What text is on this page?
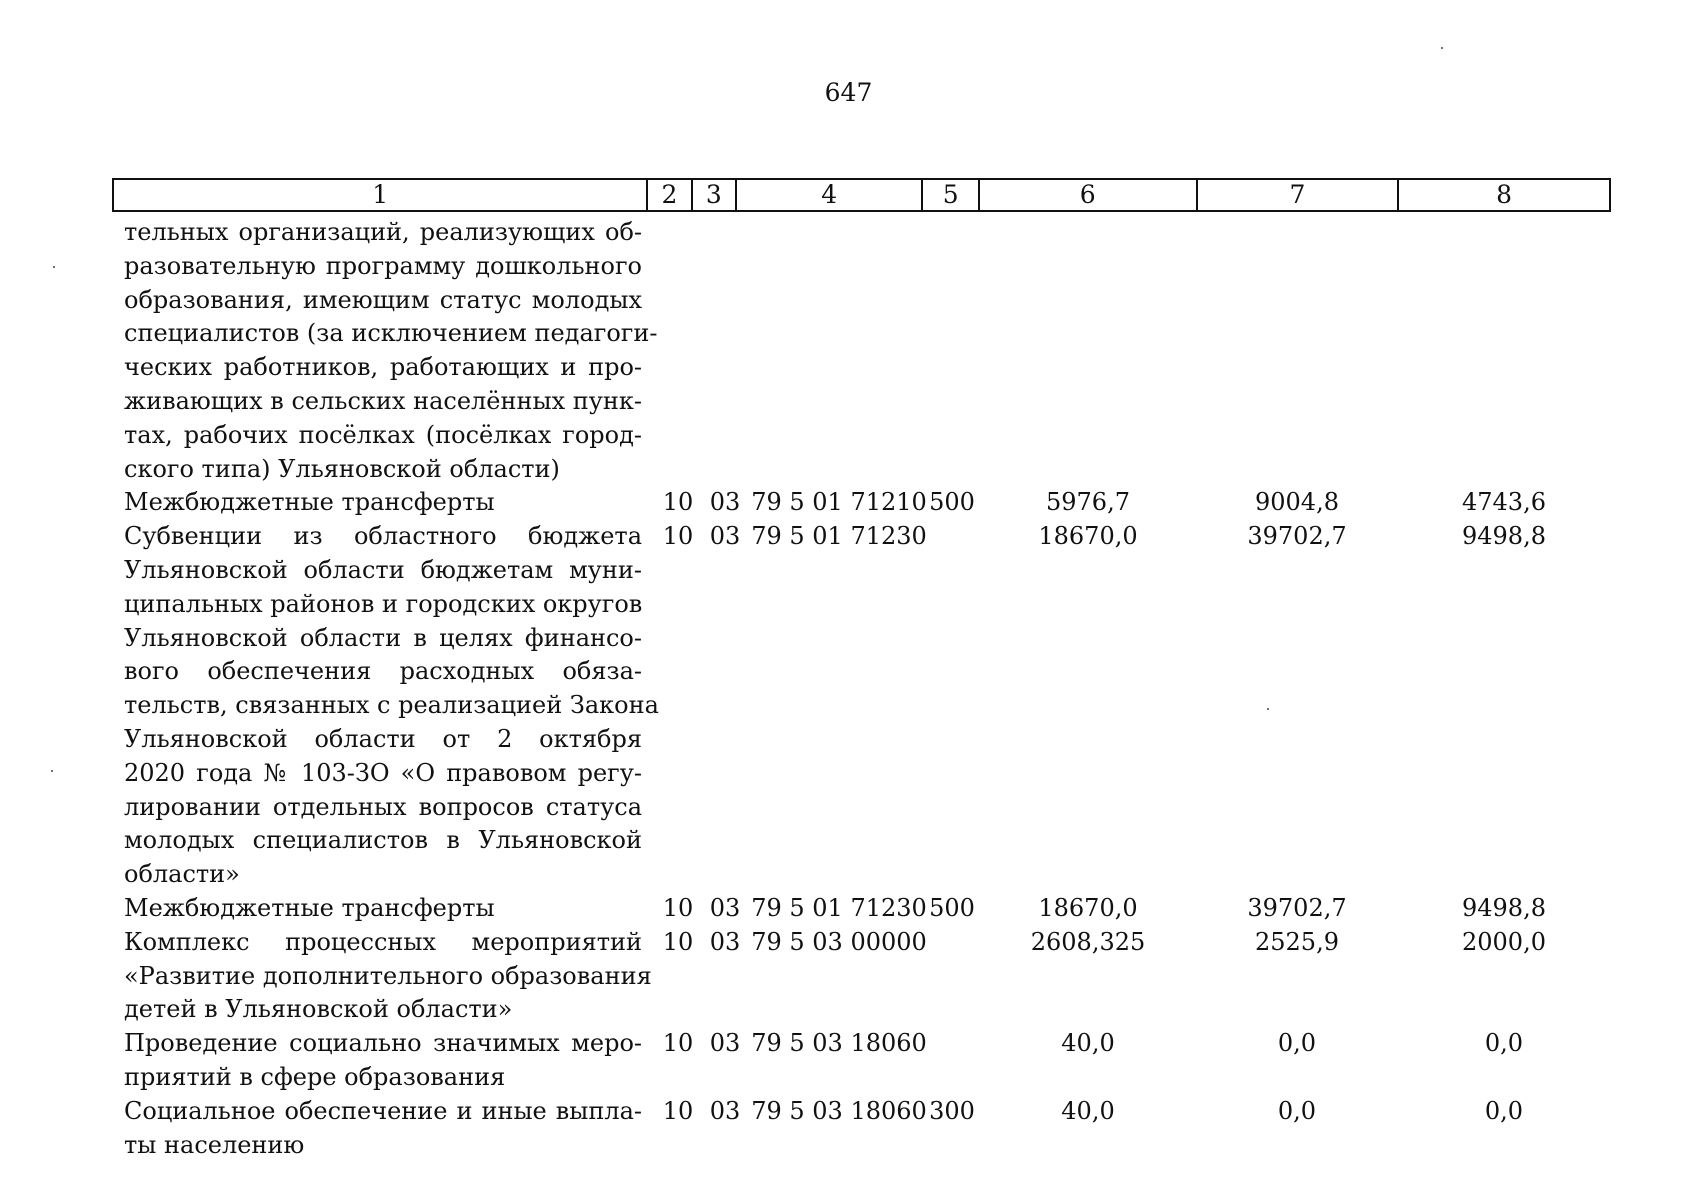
647
1	2	3	4	5	6	7	8
тельных организаций, реализующих об-
разовательную программу дошкольного
образования, имеющим статус молодых
специалистов (за исключением педагоги-
ческих работников, работающих и про-
живающих в сельских населённых пунк-
тах, рабочих посёлках (посёлках город-
ского типа) Ульяновской области)
Межбюджетные трансферты	10 03 79 5 01 71210 500	5976,7	9004,8	4743,6
Субвенции из областного бюджета
Ульяновской области бюджетам муни-
ципальных районов и городских округов
Ульяновской области в целях финансо-
вого обеспечения расходных обяза-
тельств, связанных с реализацией Закона
Ульяновской области от 2 октября
2020 года № 103-ЗО «О правовом регу-
лировании отдельных вопросов статуса
молодых специалистов в Ульяновской
области»
10 03 79 5 01 71230	18670,0	39702,7	9498,8
Межбюджетные трансферты	10 03 79 5 01 71230 500	18670,0	39702,7	9498,8
Комплекс процессных мероприятий
«Развитие дополнительного образования
детей в Ульяновской области»
10 03 79 5 03 00000	2608,325	2525,9	2000,0
Проведение социально значимых меро-
приятий в сфере образования
10 03 79 5 03 18060	40,0	0,0	0,0
Социальное обеспечение и иные выпла-
ты населению
10 03 79 5 03 18060 300	40,0	0,0	0,0
